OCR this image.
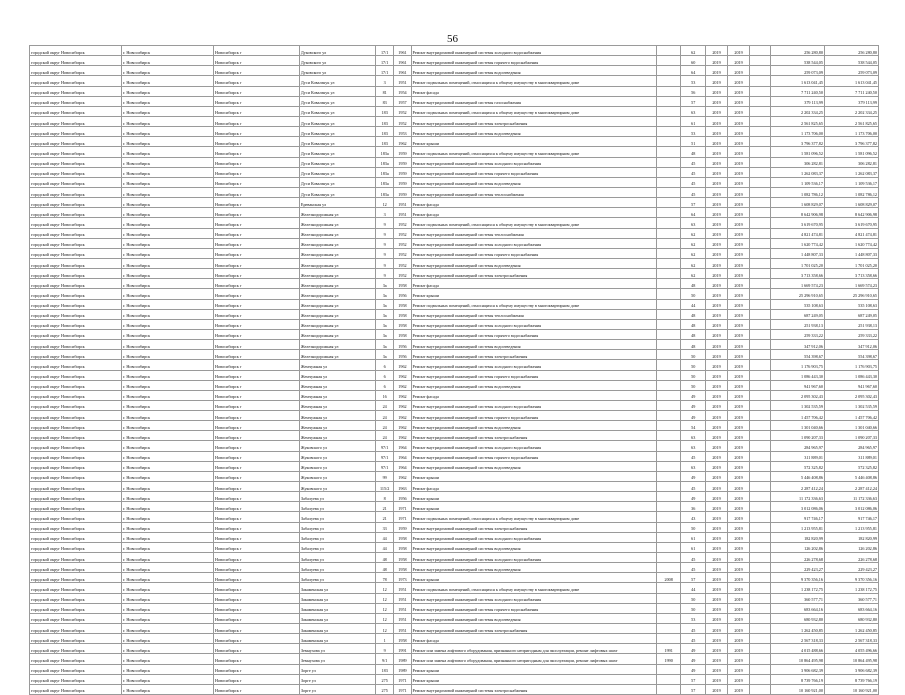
56
городской округ Новосибирск	г. Новосибирск	Новосибирск г	Дуковского ул	17/1	1961	Ремонт внутридомовой инженерной системы холодного водоснабжения		62	2019	2019		256 280,80	256 280,80
городской округ Новосибирск	г. Новосибирск	Новосибирск г	Дуковского ул	17/1	1961	Ремонт внутридомовой инженерной системы горячего водоснабжения		60	2019	2019		538 544,05	538 544,05
городской округ Новосибирск	г. Новосибирск	Новосибирск г	Дуковского ул	17/1	1961	Ремонт внутридомовой инженерной системы водоотведения		64	2019	2019		259 073,09	259 073,09
городской округ Новосибирск	г. Новосибирск	Новосибирск г	Дуси Ковальчук ул	3	1951	Ремонт подвальных помещений, относящихся к общему имуществу в многоквартирном доме		53	2019	2019		1 613 041,45	1 613 041,45
городской округ Новосибирск	г. Новосибирск	Новосибирск г	Дуси Ковальчук ул	81	1954	Ремонт фасада		56	2019	2019		7 711 240,50	7 711 240,50
городской округ Новосибирск	г. Новосибирск	Новосибирск г	Дуси Ковальчук ул	83	1957	Ремонт внутридомовой инженерной системы газоснабжения		57	2019	2019		379 113,99	379 113,99
городской округ Новосибирск	г. Новосибирск	Новосибирск г	Дуси Ковальчук ул	183	1952	Ремонт подвальных помещений, относящихся к общему имуществу в многоквартирном доме		63	2019	2019		2 202 334,25	2 202 334,25
городской округ Новосибирск	г. Новосибирск	Новосибирск г	Дуси Ковальчук ул	183	1952	Ремонт внутридомовой инженерной системы электроснабжения		61	2019	2019		2 561 825,65	2 561 825,65
городской округ Новосибирск	г. Новосибирск	Новосибирск г	Дуси Ковальчук ул	183	1953	Ремонт внутридомовой инженерной системы водоотведения		53	2019	2019		1 173 706,00	1 173 706,00
городской округ Новосибирск	г. Новосибирск	Новосибирск г	Дуси Ковальчук ул	183	1962	Ремонт крыши		51	2019	2019		3 796 377,82	3 796 377,82
городской округ Новосибирск	г. Новосибирск	Новосибирск г	Дуси Ковальчук ул	183а	1959	Ремонт подвальных помещений, относящихся к общему имуществу в многоквартирном доме		48	2019	2019		1 581 096,52	1 581 096,52
городской округ Новосибирск	г. Новосибирск	Новосибирск г	Дуси Ковальчук ул	183а	1959	Ремонт внутридомовой инженерной системы холодного водоснабжения		45	2019	2019		306 282,81	306 282,81
городской округ Новосибирск	г. Новосибирск	Новосибирск г	Дуси Ковальчук ул	183а	1959	Ремонт внутридомовой инженерной системы горячего водоснабжения		45	2019	2019		1 262 083,37	1 262 083,37
городской округ Новосибирск	г. Новосибирск	Новосибирск г	Дуси Ковальчук ул	183а	1959	Ремонт внутридомовой инженерной системы водоотведения		45	2019	2019		1 109 536,17	1 109 536,17
городской округ Новосибирск	г. Новосибирск	Новосибирск г	Дуси Ковальчук ул	183а	1959	Ремонт внутридомовой инженерной системы теплоснабжения		45	2019	2019		1 082 786,12	1 082 786,12
городской округ Новосибирск	г. Новосибирск	Новосибирск г	Ереванская ул	12	1951	Ремонт фасада		57	2019	2019		1 608 829,07	1 608 829,07
городской округ Новосибирск	г. Новосибирск	Новосибирск г	Железнодорожная ул	3	1951	Ремонт фасада		64	2019	2019		8 642 906,98	8 642 906,98
городской округ Новосибирск	г. Новосибирск	Новосибирск г	Железнодорожная ул	9	1952	Ремонт подвальных помещений, относящихся к общему имуществу в многоквартирном доме		63	2019	2019		3 619 670,95	3 619 670,95
городской округ Новосибирск	г. Новосибирск	Новосибирск г	Железнодорожная ул	9	1952	Ремонт внутридомовой инженерной системы теплоснабжения		62	2019	2019		4 821 474,81	4 821 474,81
городской округ Новосибирск	г. Новосибирск	Новосибирск г	Железнодорожная ул	9	1952	Ремонт внутридомовой инженерной системы холодного водоснабжения		62	2019	2019		1 620 774,42	1 620 774,42
городской округ Новосибирск	г. Новосибирск	Новосибирск г	Железнодорожная ул	9	1952	Ремонт внутридомовой инженерной системы горячего водоснабжения		62	2019	2019		1 448 807,33	1 448 807,33
городской округ Новосибирск	г. Новосибирск	Новосибирск г	Железнодорожная ул	9	1952	Ремонт внутридомовой инженерной системы водоотведения		62	2019	2019		1 701 025,20	1 701 025,20
городской округ Новосибирск	г. Новосибирск	Новосибирск г	Железнодорожная ул	9	1952	Ремонт внутридомовой инженерной системы электроснабжения		62	2019	2019		3 713 358,66	3 713 358,66
городской округ Новосибирск	г. Новосибирск	Новосибирск г	Железнодорожная ул	3а	1958	Ремонт фасада		48	2019	2019		1 669 574,23	1 669 574,23
городской округ Новосибирск	г. Новосибирск	Новосибирск г	Железнодорожная ул	3а	1956	Ремонт крыши		50	2019	2019		25 296 910,65	25 296 910,65
городской округ Новосибирск	г. Новосибирск	Новосибирск г	Железнодорожная ул	3а	1958	Ремонт подвальных помещений, относящихся к общему имуществу в многоквартирном доме		44	2019	2019		535 108,63	535 108,63
городской округ Новосибирск	г. Новосибирск	Новосибирск г	Железнодорожная ул	3а	1958	Ремонт внутридомовой инженерной системы теплоснабжения		48	2019	2019		687 249,05	687 249,05
городской округ Новосибирск	г. Новосибирск	Новосибирск г	Железнодорожная ул	3а	1958	Ремонт внутридомовой инженерной системы холодного водоснабжения		48	2019	2019		251 938,13	251 938,13
городской округ Новосибирск	г. Новосибирск	Новосибирск г	Железнодорожная ул	3а	1958	Ремонт внутридомовой инженерной системы горячего водоснабжения		48	2019	2019		259 333,22	259 333,22
городской округ Новосибирск	г. Новосибирск	Новосибирск г	Железнодорожная ул	3а	1956	Ремонт внутридомовой инженерной системы водоотведения		48	2019	2019		347 912,06	347 912,06
городской округ Новосибирск	г. Новосибирск	Новосибирск г	Железнодорожная ул	3а	1956	Ремонт внутридомовой инженерной системы электроснабжения		50	2019	2019		554 398,67	554 398,67
городской округ Новосибирск	г. Новосибирск	Новосибирск г	Жемчужная ул	6	1962	Ремонт внутридомовой инженерной системы холодного водоснабжения		50	2019	2019		1 176 903,75	1 176 903,75
городской округ Новосибирск	г. Новосибирск	Новосибирск г	Жемчужная ул	6	1962	Ремонт внутридомовой инженерной системы горячего водоснабжения		50	2019	2019		1 086 443,30	1 086 443,30
городской округ Новосибирск	г. Новосибирск	Новосибирск г	Жемчужная ул	6	1962	Ремонт внутридомовой инженерной системы водоотведения		50	2019	2019		941 967,60	941 967,60
городской округ Новосибирск	г. Новосибирск	Новосибирск г	Жемчужная ул	16	1962	Ремонт фасада		49	2019	2019		2 095 302,43	2 095 302,43
городской округ Новосибирск	г. Новосибирск	Новосибирск г	Жемчужная ул	24	1962	Ремонт внутридомовой инженерной системы холодного водоснабжения		49	2019	2019		1 302 535,59	1 302 535,59
городской округ Новосибирск	г. Новосибирск	Новосибирск г	Жемчужная ул	24	1962	Ремонт внутридомовой инженерной системы горячего водоснабжения		49	2019	2019		1 457 706,42	1 457 706,42
городской округ Новосибирск	г. Новосибирск	Новосибирск г	Жемчужная ул	24	1962	Ремонт внутридомовой инженерной системы водоотведения		54	2019	2019		1 301 040,66	1 301 040,66
городской округ Новосибирск	г. Новосибирск	Новосибирск г	Жемчужная ул	24	1962	Ремонт внутридомовой инженерной системы электроснабжения		63	2019	2019		1 090 207,33	1 090 207,33
городской округ Новосибирск	г. Новосибирск	Новосибирск г	Жуковского ул	97/1	1964	Ремонт внутридомовой инженерной системы холодного водоснабжения		63	2019	2019		284 965,97	284 965,97
городской округ Новосибирск	г. Новосибирск	Новосибирск г	Жуковского ул	97/1	1964	Ремонт внутридомовой инженерной системы горячего водоснабжения		45	2019	2019		311 889,01	311 889,01
городской округ Новосибирск	г. Новосибирск	Новосибирск г	Жуковского ул	97/1	1964	Ремонт внутридомовой инженерной системы водоотведения		63	2019	2019		572 325,82	572 325,82
городской округ Новосибирск	г. Новосибирск	Новосибирск г	Жуковского ул	99	1962	Ремонт крыши		49	2019	2019		5 446 408,86	5 446 408,86
городской округ Новосибирск	г. Новосибирск	Новосибирск г	Жуковского ул	115/2	1963	Ремонт фасада		45	2019	2019		2 287 412,24	2 287 412,24
городской округ Новосибирск	г. Новосибирск	Новосибирск г	Забалуева ул	8	1956	Ремонт крыши		49	2019	2019		11 172 336,63	11 172 336,63
городской округ Новосибирск	г. Новосибирск	Новосибирск г	Забалуева ул	21	1971	Ремонт крыши		36	2019	2019		3 012 086,06	3 012 086,06
городской округ Новосибирск	г. Новосибирск	Новосибирск г	Забалуева ул	21	1971	Ремонт подвальных помещений, относящихся к общему имуществу в многоквартирном доме		43	2019	2019		917 746,17	917 746,17
городской округ Новосибирск	г. Новосибирск	Новосибирск г	Забалуева ул	33	1959	Ремонт внутридомовой инженерной системы электроснабжения		50	2019	2019		1 213 955,81	1 213 955,81
городской округ Новосибирск	г. Новосибирск	Новосибирск г	Забалуева ул	44	1958	Ремонт внутридомовой инженерной системы холодного водоснабжения		61	2019	2019		182 820,99	182 820,99
городской округ Новосибирск	г. Новосибирск	Новосибирск г	Забалуева ул	44	1958	Ремонт внутридомовой инженерной системы водоотведения		61	2019	2019		126 202,86	126 202,86
городской округ Новосибирск	г. Новосибирск	Новосибирск г	Забалуева ул	48	1958	Ремонт внутридомовой инженерной системы холодного водоснабжения		45	2019	2019		226 278,68	226 278,68
городской округ Новосибирск	г. Новосибирск	Новосибирск г	Забалуева ул	48	1958	Ремонт внутридомовой инженерной системы водоотведения		45	2019	2019		229 423,27	229 423,27
городской округ Новосибирск	г. Новосибирск	Новосибирск г	Забалуева ул	78	1973	Ремонт крыши	2008	57	2019	2019		9 370 356,16	9 370 356,16
городской округ Новосибирск	г. Новосибирск	Новосибирск г	Закаменская ул	12	1951	Ремонт подвальных помещений, относящихся к общему имуществу в многоквартирном доме		44	2019	2019		1 238 172,75	1 238 172,75
городской округ Новосибирск	г. Новосибирск	Новосибирск г	Закаменская ул	12	1951	Ремонт внутридомовой инженерной системы холодного водоснабжения		50	2019	2019		360 577,71	360 577,71
городской округ Новосибирск	г. Новосибирск	Новосибирск г	Закаменская ул	12	1951	Ремонт внутридомовой инженерной системы горячего водоснабжения		50	2019	2019		683 664,16	683 664,16
городской округ Новосибирск	г. Новосибирск	Новосибирск г	Закаменская ул	12	1951	Ремонт внутридомовой инженерной системы водоотведения		53	2019	2019		680 932,80	680 932,80
городской округ Новосибирск	г. Новосибирск	Новосибирск г	Закаменская ул	12	1951	Ремонт внутридомовой инженерной системы электроснабжения		45	2019	2019		1 262 450,85	1 262 450,85
городской округ Новосибирск	г. Новосибирск	Новосибирск г	Закаменская ул	1	1958	Ремонт фасада		45	2019	2019		2 567 318,33	2 567 318,33
городской округ Новосибирск	г. Новосибирск	Новосибирск г	Земнухова ул	9	1991	Ремонт или замена лифтового оборудования, признанного непригодным для эксплуатации, ремонт лифтовых шахт	1991	49	2019	2019		4 015 488,66	4 055 496,66
городской округ Новосибирск	г. Новосибирск	Новосибирск г	Земнухова ул	9/1	1989	Ремонт или замена лифтового оборудования, признанного непригодным для эксплуатации, ремонт лифтовых шахт	1990	49	2019	2019		10 864 495,98	10 864 495,98
городской округ Новосибирск	г. Новосибирск	Новосибирск г	Зорге ул	183	1989	Ремонт крыши		49	2019	2019		3 906 682,39	3 906 682,39
городской округ Новосибирск	г. Новосибирск	Новосибирск г	Зорге ул	275	1971	Ремонт крыши		57	2019	2019		8 739 766,19	8 739 766,19
городской округ Новосибирск	г. Новосибирск	Новосибирск г	Зорге ул	275	1971	Ремонт внутридомовой инженерной системы электроснабжения		57	2019	2019		10 160 921,00	10 160 921,00
